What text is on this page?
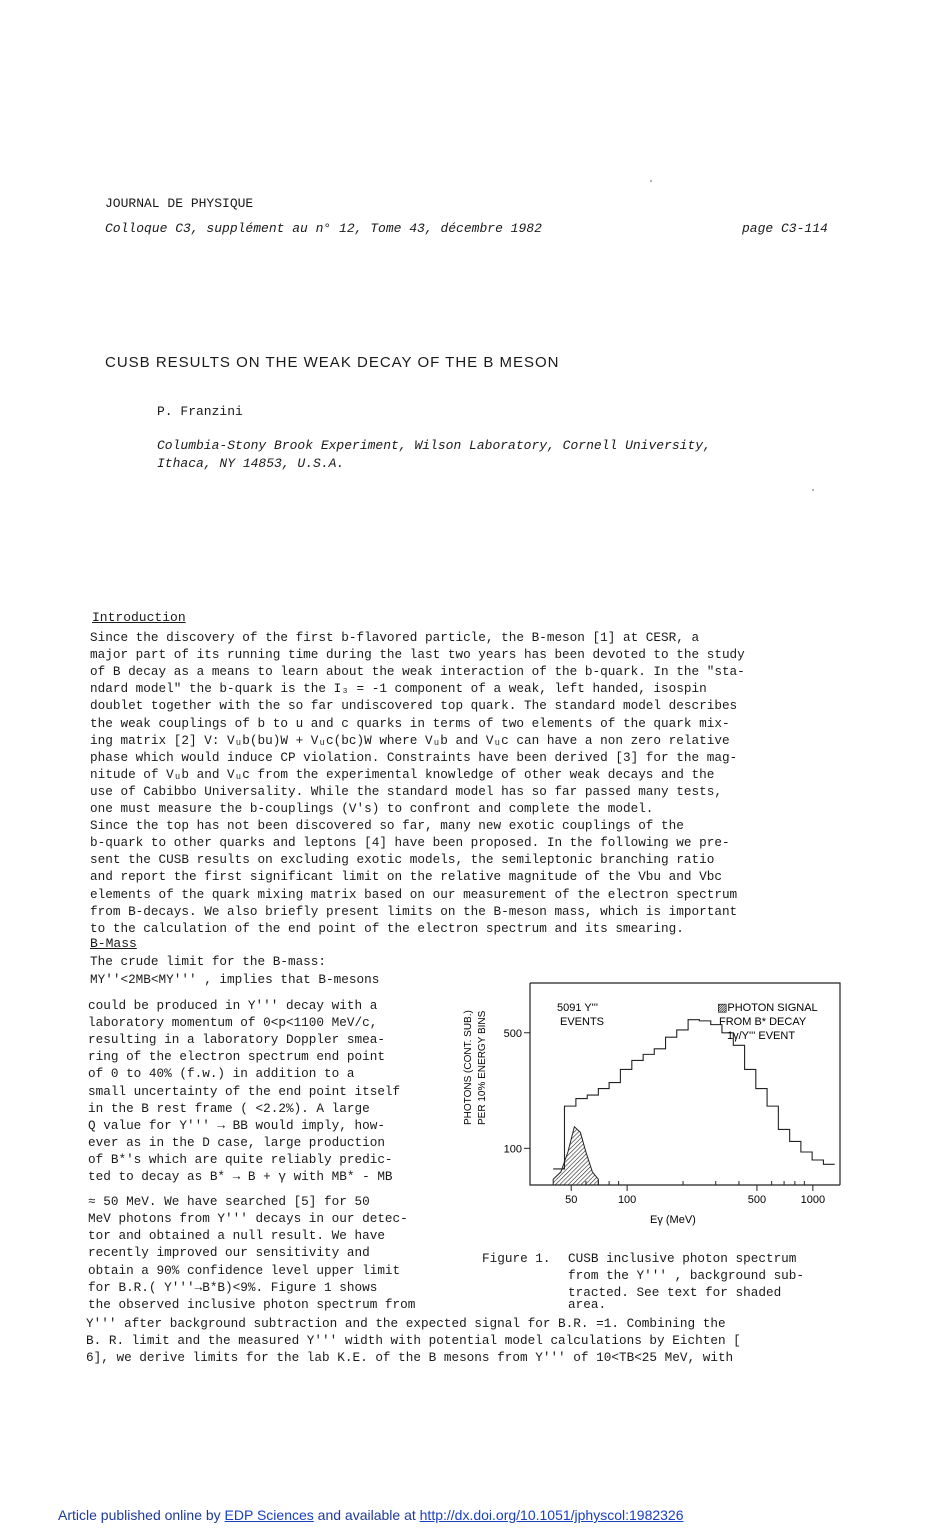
JOURNAL DE PHYSIQUE
Colloque C3, supplément au n° 12, Tome 43, décembre 1982	page C3-114
CUSB RESULTS ON THE WEAK DECAY OF THE B MESON
P. Franzini
Columbia-Stony Brook Experiment, Wilson Laboratory, Cornell University,
Ithaca, NY 14853, U.S.A.
Introduction
Since the discovery of the first b-flavored particle, the B-meson [1] at CESR, a
major part of its running time during the last two years has been devoted to the study
of B decay as a means to learn about the weak interaction of the b-quark. In the "sta-
ndard model" the b-quark is the I₃ = -1 component of a weak, left handed, isospin
doublet together with the so far undiscovered top quark. The standard model describes
the weak couplings of b to u and c quarks in terms of two elements of the quark mix-
ing matrix [2] V: Vᵤb(bu)W + Vᵤc(bc)W where Vᵤb and Vᵤc can have a non zero relative
phase which would induce CP violation. Constraints have been derived [3] for the mag-
nitude of Vᵤb and Vᵤc from the experimental knowledge of other weak decays and the
use of Cabibbo Universality. While the standard model has so far passed many tests,
one must measure the b-couplings (V's) to confront and complete the model.
Since the top has not been discovered so far, many new exotic couplings of the
b-quark to other quarks and leptons [4] have been proposed. In the following we pre-
sent the CUSB results on excluding exotic models, the semileptonic branching ratio
and report the first significant limit on the relative magnitude of the Vbu and Vbc
elements of the quark mixing matrix based on our measurement of the electron spectrum
from B-decays. We also briefly present limits on the B-meson mass, which is important
to the calculation of the end point of the electron spectrum and its smearing.
B-Mass
The crude limit for the B-mass:
MΥ''<2MB<MΥ''' , implies that B-mesons
could be produced in Υ''' decay with a
laboratory momentum of 0<p<1100 MeV/c,
resulting in a laboratory Doppler smea-
ring of the electron spectrum end point
of 0 to 40% (f.w.) in addition to a
small uncertainty of the end point itself
in the B rest frame ( <2.2%). A large
Q value for Υ''' → BB would imply, how-
ever as in the D case, large production
of B*'s which are quite reliably predic-
ted to decay as B* → B + γ with MB* - MB
≈ 50 MeV. We have searched [5] for 50
MeV photons from Υ''' decays in our detec-
tor and obtained a null result. We have
recently improved our sensitivity and
obtain a 90% confidence level upper limit
for B.R.( Υ'''→B*B)<9%. Figure 1 shows
the observed inclusive photon spectrum from
Υ''' after background subtraction and the expected signal for B.R. =1. Combining the
B. R. limit and the measured Υ''' width with potential model calculations by Eichten [
6], we derive limits for the lab K.E. of the B mesons from Υ''' of 10<TB<25 MeV, with
100
500
50	100	500	1000
5091 Υ'''
EVENTS
▨PHOTON SIGNAL
FROM B* DECAY
1γ/Υ''' EVENT
PHOTONS (CONT. SUB.) PER 10% ENERGY BINS
Eγ (MeV)
Figure 1. CUSB inclusive photon spectrum
from the Υ''' , background sub-
tracted. See text for shaded
area.
Article published online by EDP Sciences and available at http://dx.doi.org/10.1051/jphyscol:1982326
